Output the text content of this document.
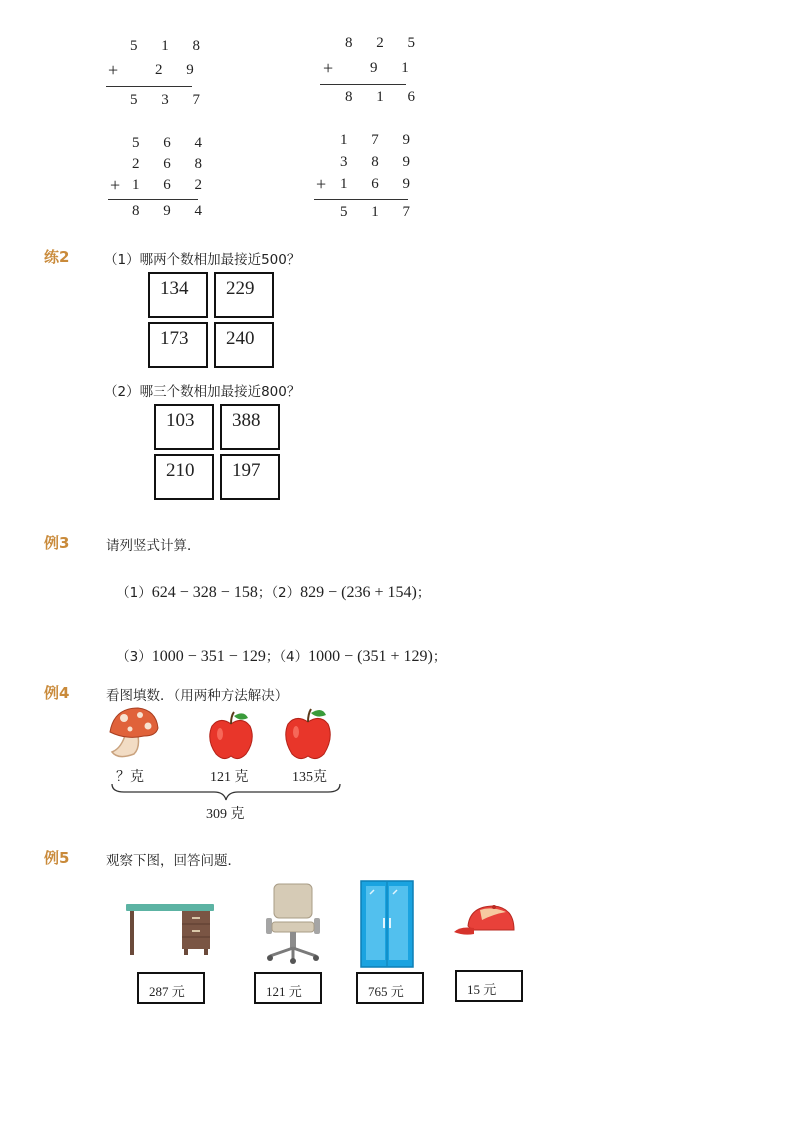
5 1 8
+ 2 9
5 3 7
8 2 5
+ 9 1
8 1 6
5 6 4
2 6 8
+ 1 6 2
8 9 4
1 7 9
3 8 9
+ 1 6 9
5 1 7
练2	（1）哪两个数相加最接近500？
134	229
173	240
（2）哪三个数相加最接近800？
103	388
210	197
例3	请列竖式计算．

（1）624 − 328 − 158；（2）829 − (236 + 154)；

（3）1000 − 351 − 129；（4）1000 − (351 + 129)；

例4	看图填数．（用两种方法解决）
？克	121 克	135克
309 克
例5	观察下图，回答问题．
287 元	121 元	765 元	15 元
